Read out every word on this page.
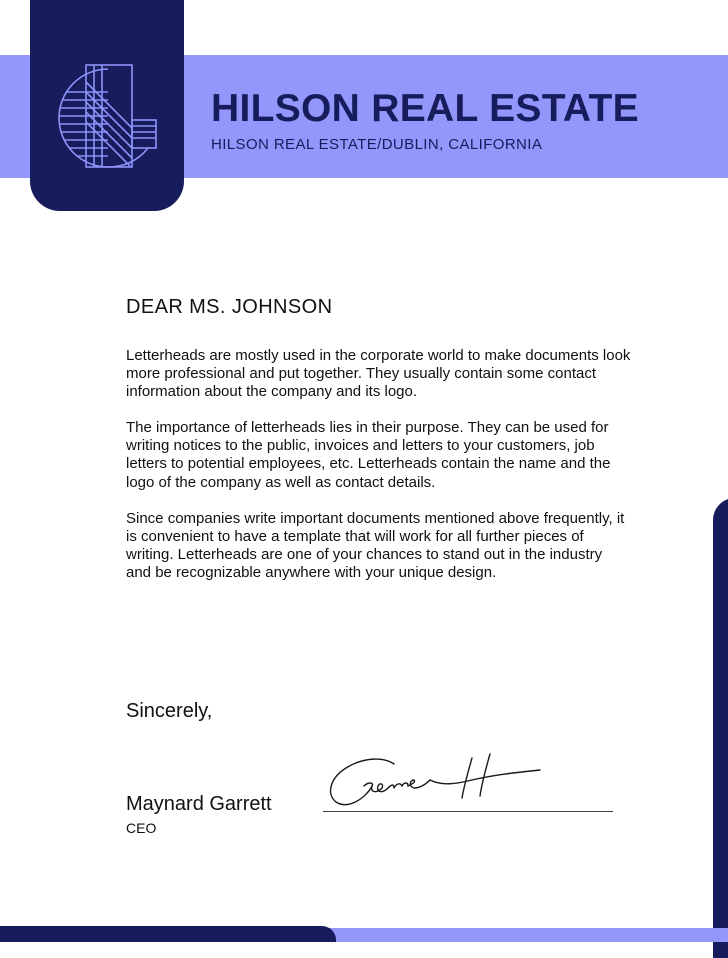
HILSON REAL ESTATE
HILSON REAL ESTATE/DUBLIN, CALIFORNIA
DEAR MS. JOHNSON

Letterheads are mostly used in the corporate world to make documents look more professional and put together. They usually contain some contact information about the company and its logo.

The importance of letterheads lies in their purpose. They can be used for writing notices to the public, invoices and letters to your customers, job letters to potential employees, etc. Letterheads contain the name and the logo of the company as well as contact details.

Since companies write important documents mentioned above frequently, it is convenient to have a template that will work for all further pieces of writing. Letterheads are one of your chances to stand out in the industry and be recognizable anywhere with your unique design.

Sincerely,
Maynard Garrett
CEO
